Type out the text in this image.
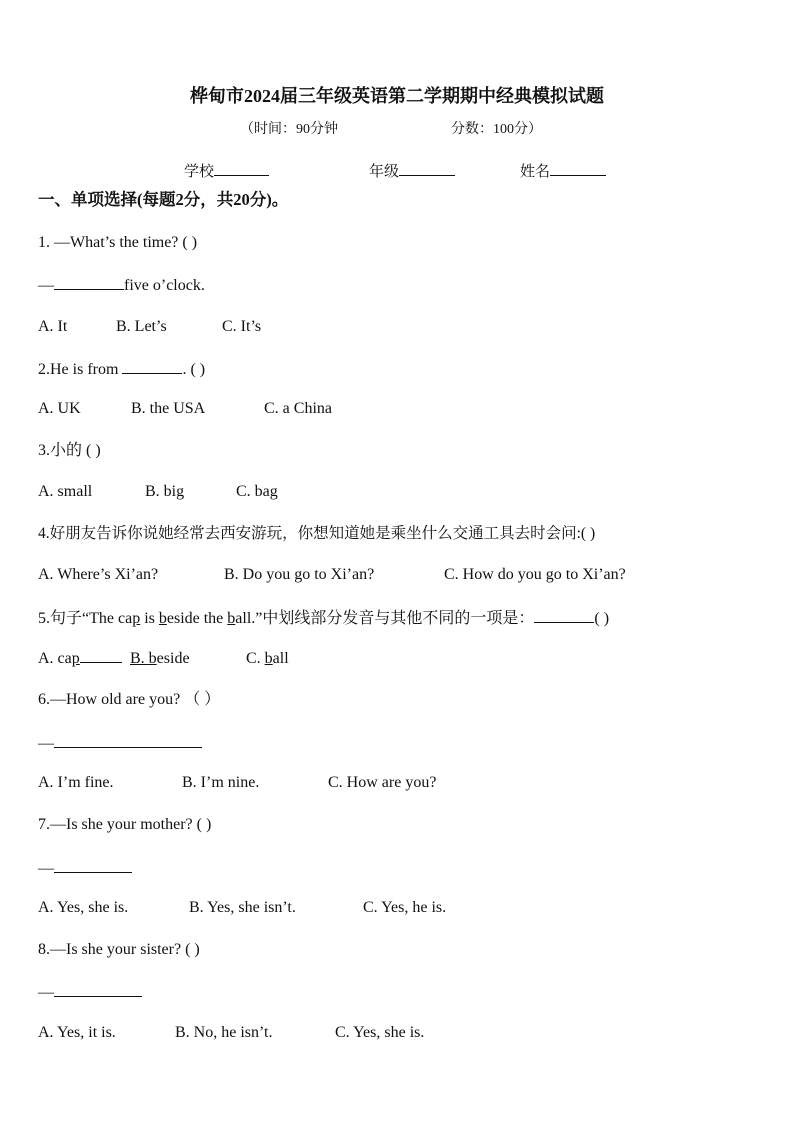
桦甸市2024届三年级英语第二学期期中经典模拟试题
（时间：90分钟	分数：100分）
学校	年级	姓名
一、单项选择(每题2分，共20分)。
1. —What’s the time? ( )
—	five o’clock.
A. It	B. Let’s	C. It’s
2.He is from	. ( )
A. UK	B. the USA	C. a China
3.小的 ( )
A. small	B. big	C. bag
4.好朋友告诉你说她经常去西安游玩，你想知道她是乘坐什么交通工具去时会问:( )
A. Where’s Xi’an?	B. Do you go to Xi’an?	C. How do you go to Xi’an?
5.句子“The cap is beside the ball.”中划线部分发音与其他不同的一项是：	( )
A. cap	B. beside	C. ball
6.—How old are you? （ ）
—
A. I’m fine.	B. I’m nine.	C. How are you?
7.—Is she your mother? ( )
—
A. Yes, she is.	B. Yes, she isn’t.	C. Yes, he is.
8.—Is she your sister? ( )
—
A. Yes, it is.	B. No, he isn’t.	C. Yes, she is.
